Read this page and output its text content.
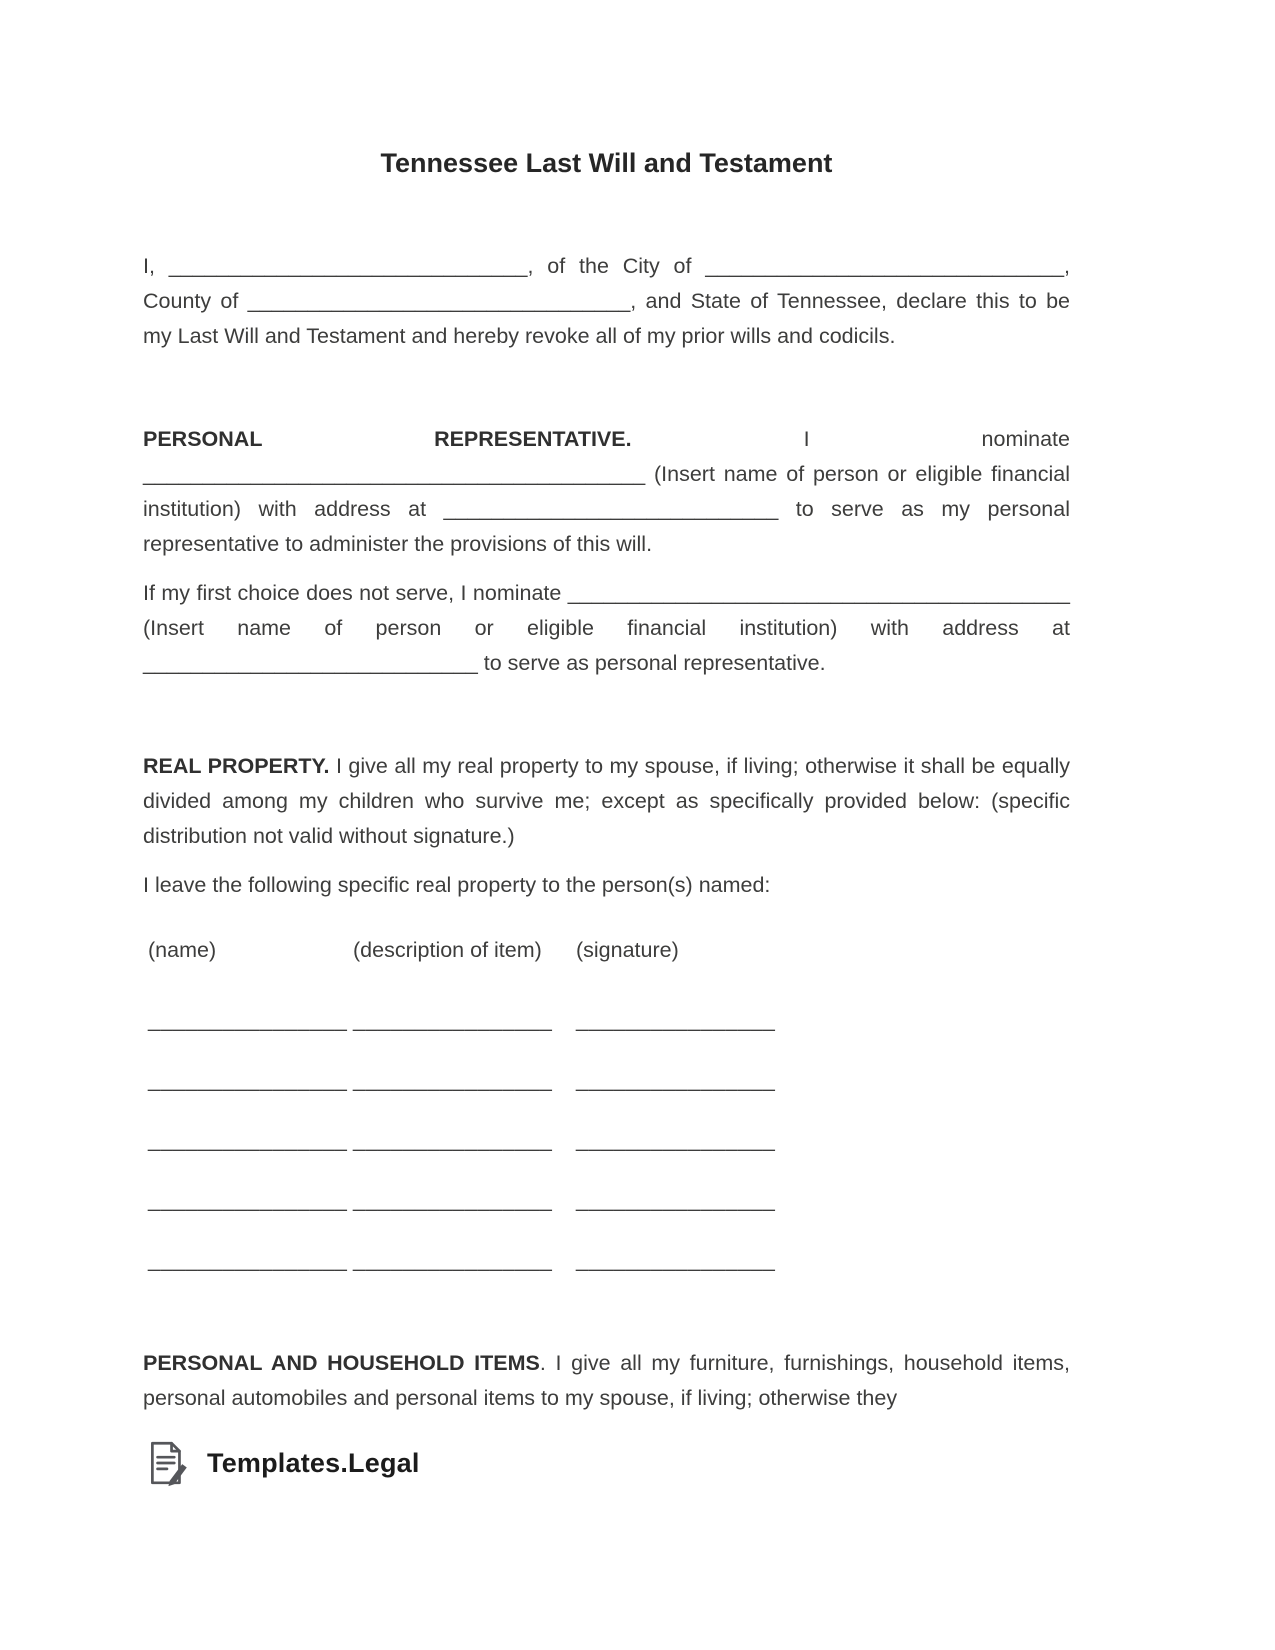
Tennessee Last Will and Testament

I, ______________________________, of the City of ______________________________, County of ________________________________, and State of Tennessee, declare this to be my Last Will and Testament and hereby revoke all of my prior wills and codicils.

PERSONAL REPRESENTATIVE. I nominate __________________________________________ (Insert name of person or eligible financial institution) with address at ____________________________ to serve as my personal representative to administer the provisions of this will.

If my first choice does not serve, I nominate __________________________________________ (Insert name of person or eligible financial institution) with address at ____________________________ to serve as personal representative.

REAL PROPERTY. I give all my real property to my spouse, if living; otherwise it shall be equally divided among my children who survive me; except as specifically provided below: (specific distribution not valid without signature.)

I leave the following specific real property to the person(s) named:

(name)	(description of item)	(signature)
________________ ________________	________________
________________ ________________	________________
________________ ________________	________________
________________ ________________	________________
________________ ________________	________________

PERSONAL AND HOUSEHOLD ITEMS. I give all my furniture, furnishings, household items, personal automobiles and personal items to my spouse, if living; otherwise they

Templates.Legal
